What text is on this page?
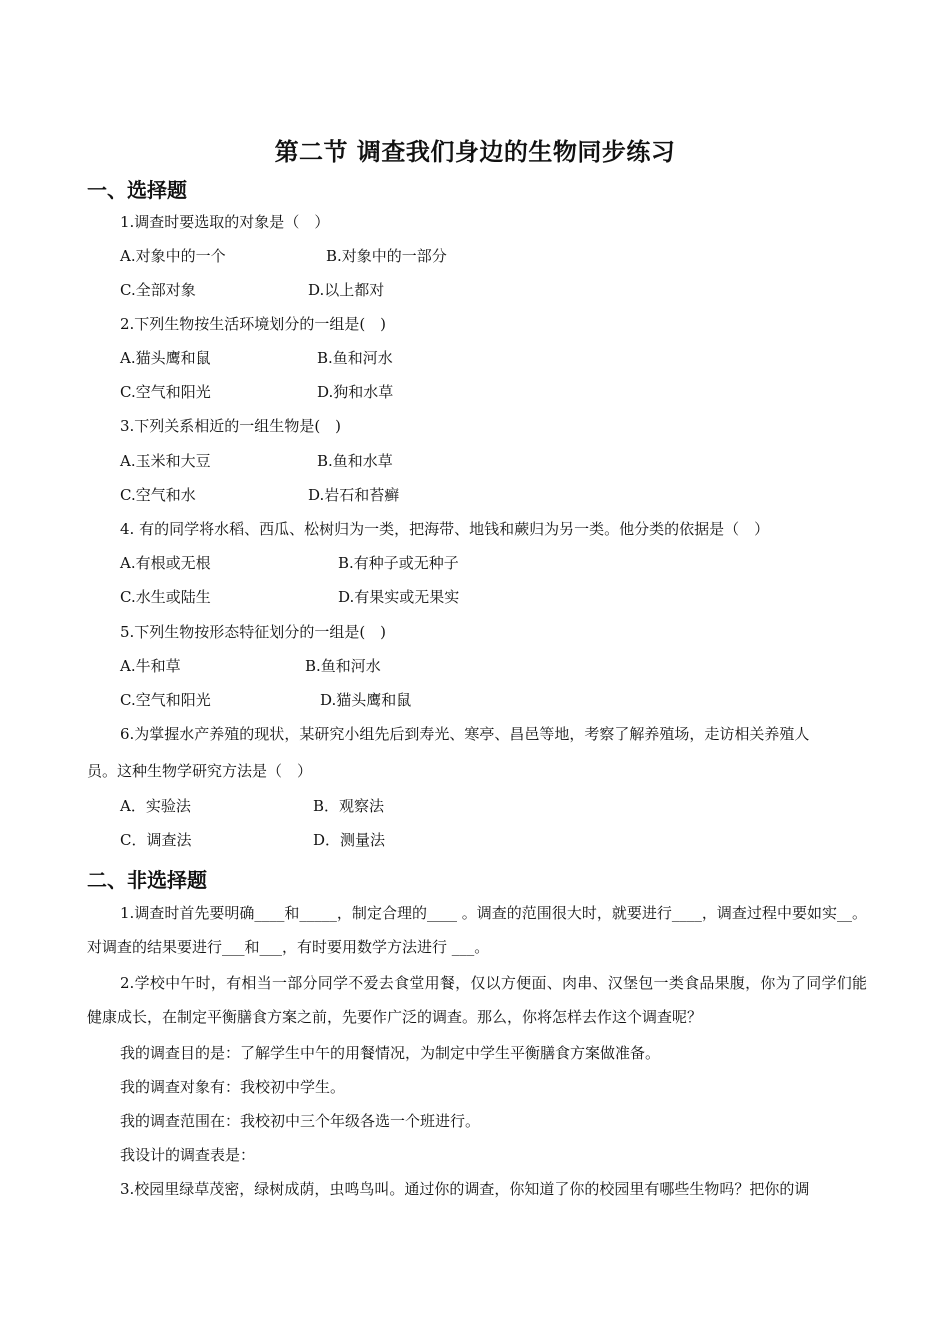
第二节 调查我们身边的生物同步练习
一、选择题
1.调查时要选取的对象是（　）
A.对象中的一个	B.对象中的一部分
C.全部对象	D.以上都对
2.下列生物按生活环境划分的一组是(　)
A.猫头鹰和鼠	B.鱼和河水
C.空气和阳光	D.狗和水草
3.下列关系相近的一组生物是(　)
A.玉米和大豆	B.鱼和水草
C.空气和水	D.岩石和苔癣
4. 有的同学将水稻、西瓜、松树归为一类，把海带、地钱和蕨归为另一类。他分类的依据是（　）
A.有根或无根	B.有种子或无种子
C.水生或陆生	D.有果实或无果实
5.下列生物按形态特征划分的一组是(　)
A.牛和草	B.鱼和河水
C.空气和阳光	D.猫头鹰和鼠
6.为掌握水产养殖的现状，某研究小组先后到寿光、寒亭、昌邑等地，考察了解养殖场，走访相关养殖人
员。这种生物学研究方法是（　）
A．实验法	B．观察法
C．调查法	D．测量法
二、非选择题
1.调查时首先要明确____和_____，制定合理的____ 。调查的范围很大时，就要进行____，调查过程中要如实__。对调查的结果要进行___和___，有时要用数学方法进行 ___。
2.学校中午时，有相当一部分同学不爱去食堂用餐，仅以方便面、肉串、汉堡包一类食品果腹，你为了同学们能健康成长，在制定平衡膳食方案之前，先要作广泛的调查。那么，你将怎样去作这个调查呢？
我的调查目的是：了解学生中午的用餐情况，为制定中学生平衡膳食方案做准备。
我的调查对象有：我校初中学生。
我的调查范围在：我校初中三个年级各选一个班进行。
我设计的调查表是：
3.校园里绿草茂密，绿树成荫，虫鸣鸟叫。通过你的调查，你知道了你的校园里有哪些生物吗？把你的调
